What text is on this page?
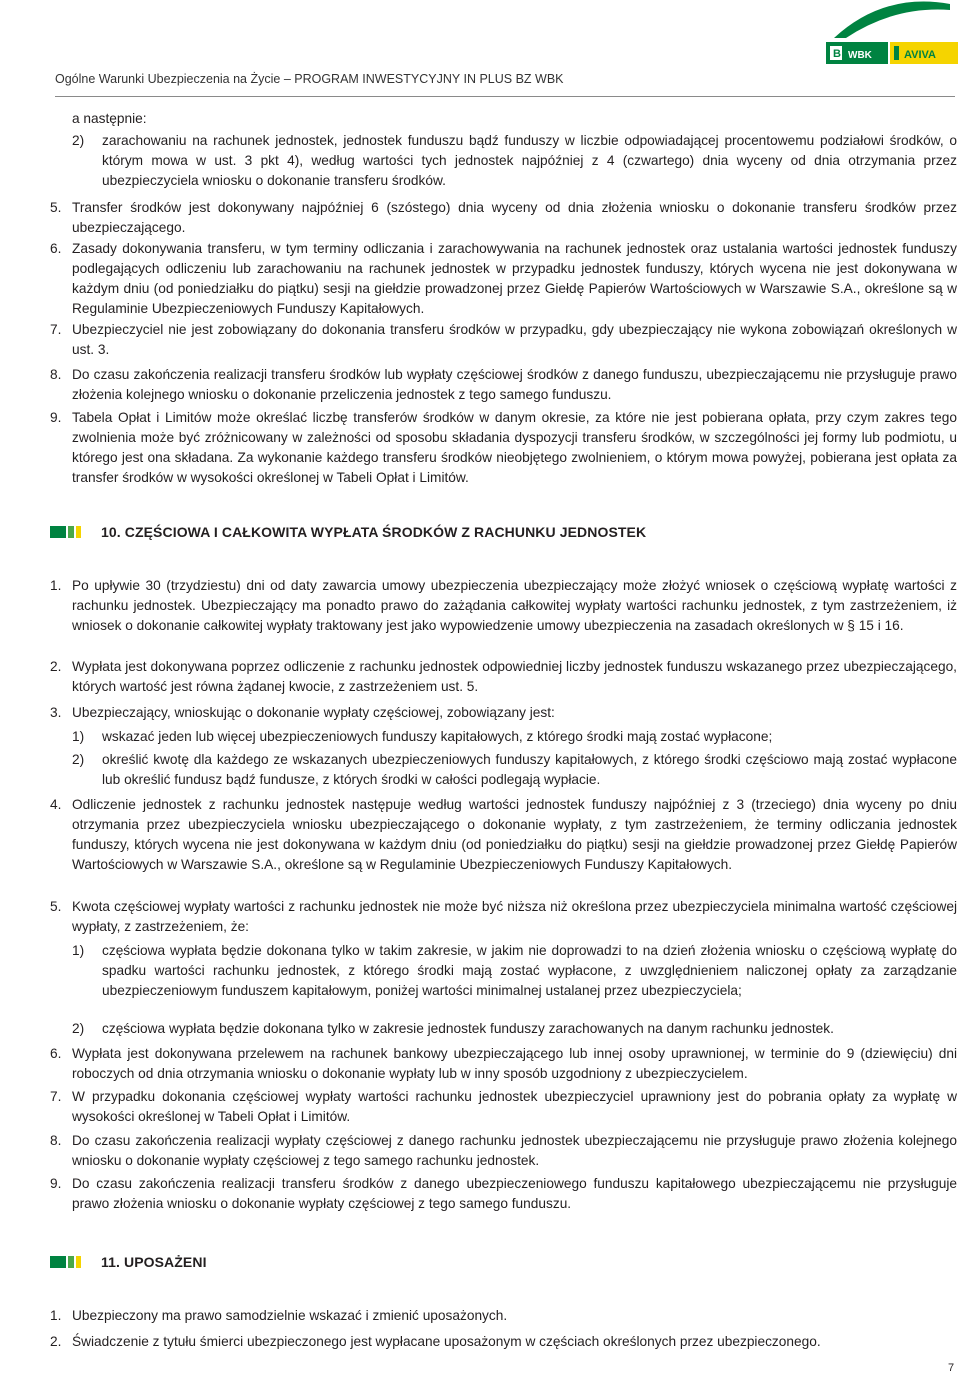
Ogólne Warunki Ubezpieczenia na Życie – PROGRAM INWESTYCYJNY IN PLUS BZ WBK
B WBK	AVIVA
a następnie:
2) zarachowaniu na rachunek jednostek, jednostek funduszu bądź funduszy w liczbie odpowiadającej procentowemu podziałowi środków, o którym mowa w ust. 3 pkt 4), według wartości tych jednostek najpóźniej z 4 (czwartego) dnia wyceny od dnia otrzymania przez ubezpieczyciela wniosku o dokonanie transferu środków.
5. Transfer środków jest dokonywany najpóźniej 6 (szóstego) dnia wyceny od dnia złożenia wniosku o dokonanie transferu środków przez ubezpieczającego.
6. Zasady dokonywania transferu, w tym terminy odliczania i zarachowywania na rachunek jednostek oraz ustalania wartości jednostek funduszy podlegających odliczeniu lub zarachowaniu na rachunek jednostek w przypadku jednostek funduszy, których wycena nie jest dokonywana w każdym dniu (od poniedziałku do piątku) sesji na giełdzie prowadzonej przez Giełdę Papierów Wartościowych w Warszawie S.A., określone są w Regulaminie Ubezpieczeniowych Funduszy Kapitałowych.
7. Ubezpieczyciel nie jest zobowiązany do dokonania transferu środków w przypadku, gdy ubezpieczający nie wykona zobowiązań określonych w ust. 3.
8. Do czasu zakończenia realizacji transferu środków lub wypłaty częściowej środków z danego funduszu, ubezpieczającemu nie przysługuje prawo złożenia kolejnego wniosku o dokonanie przeliczenia jednostek z tego samego funduszu.
9. Tabela Opłat i Limitów może określać liczbę transferów środków w danym okresie, za które nie jest pobierana opłata, przy czym zakres tego zwolnienia może być zróżnicowany w zależności od sposobu składania dyspozycji transferu środków, w szczególności jej formy lub podmiotu, u którego jest ona składana. Za wykonanie każdego transferu środków nieobjętego zwolnieniem, o którym mowa powyżej, pobierana jest opłata za transfer środków w wysokości określonej w Tabeli Opłat i Limitów.
10. CZĘŚCIOWA I CAŁKOWITA WYPŁATA ŚRODKÓW Z RACHUNKU JEDNOSTEK
1. Po upływie 30 (trzydziestu) dni od daty zawarcia umowy ubezpieczenia ubezpieczający może złożyć wniosek o częściową wypłatę wartości z rachunku jednostek. Ubezpieczający ma ponadto prawo do zażądania całkowitej wypłaty wartości rachunku jednostek, z tym zastrzeżeniem, iż wniosek o dokonanie całkowitej wypłaty traktowany jest jako wypowiedzenie umowy ubezpieczenia na zasadach określonych w § 15 i 16.
2. Wypłata jest dokonywana poprzez odliczenie z rachunku jednostek odpowiedniej liczby jednostek funduszu wskazanego przez ubezpieczającego, których wartość jest równa żądanej kwocie, z zastrzeżeniem ust. 5.
3. Ubezpieczający, wnioskując o dokonanie wypłaty częściowej, zobowiązany jest:
1) wskazać jeden lub więcej ubezpieczeniowych funduszy kapitałowych, z którego środki mają zostać wypłacone;
2) określić kwotę dla każdego ze wskazanych ubezpieczeniowych funduszy kapitałowych, z którego środki częściowo mają zostać wypłacone lub określić fundusz bądź fundusze, z których środki w całości podlegają wypłacie.
4. Odliczenie jednostek z rachunku jednostek następuje według wartości jednostek funduszy najpóźniej z 3 (trzeciego) dnia wyceny po dniu otrzymania przez ubezpieczyciela wniosku ubezpieczającego o dokonanie wypłaty, z tym zastrzeżeniem, że terminy odliczania jednostek funduszy, których wycena nie jest dokonywana w każdym dniu (od poniedziałku do piątku) sesji na giełdzie prowadzonej przez Giełdę Papierów Wartościowych w Warszawie S.A., określone są w Regulaminie Ubezpieczeniowych Funduszy Kapitałowych.
5. Kwota częściowej wypłaty wartości z rachunku jednostek nie może być niższa niż określona przez ubezpieczyciela minimalna wartość częściowej wypłaty, z zastrzeżeniem, że:
1) częściowa wypłata będzie dokonana tylko w takim zakresie, w jakim nie doprowadzi to na dzień złożenia wniosku o częściową wypłatę do spadku wartości rachunku jednostek, z którego środki mają zostać wypłacone, z uwzględnieniem naliczonej opłaty za zarządzanie ubezpieczeniowym funduszem kapitałowym, poniżej wartości minimalnej ustalanej przez ubezpieczyciela;
2) częściowa wypłata będzie dokonana tylko w zakresie jednostek funduszy zarachowanych na danym rachunku jednostek.
6. Wypłata jest dokonywana przelewem na rachunek bankowy ubezpieczającego lub innej osoby uprawnionej, w terminie do 9 (dziewięciu) dni roboczych od dnia otrzymania wniosku o dokonanie wypłaty lub w inny sposób uzgodniony z ubezpieczycielem.
7. W przypadku dokonania częściowej wypłaty wartości rachunku jednostek ubezpieczyciel uprawniony jest do pobrania opłaty za wypłatę w wysokości określonej w Tabeli Opłat i Limitów.
8. Do czasu zakończenia realizacji wypłaty częściowej z danego rachunku jednostek ubezpieczającemu nie przysługuje prawo złożenia kolejnego wniosku o dokonanie wypłaty częściowej z tego samego rachunku jednostek.
9. Do czasu zakończenia realizacji transferu środków z danego ubezpieczeniowego funduszu kapitałowego ubezpieczającemu nie przysługuje prawo złożenia wniosku o dokonanie wypłaty częściowej z tego samego funduszu.
11. UPOSAŻENI
1. Ubezpieczony ma prawo samodzielnie wskazać i zmienić uposażonych.
2. Świadczenie z tytułu śmierci ubezpieczonego jest wypłacane uposażonym w częściach określonych przez ubezpieczonego.
7
